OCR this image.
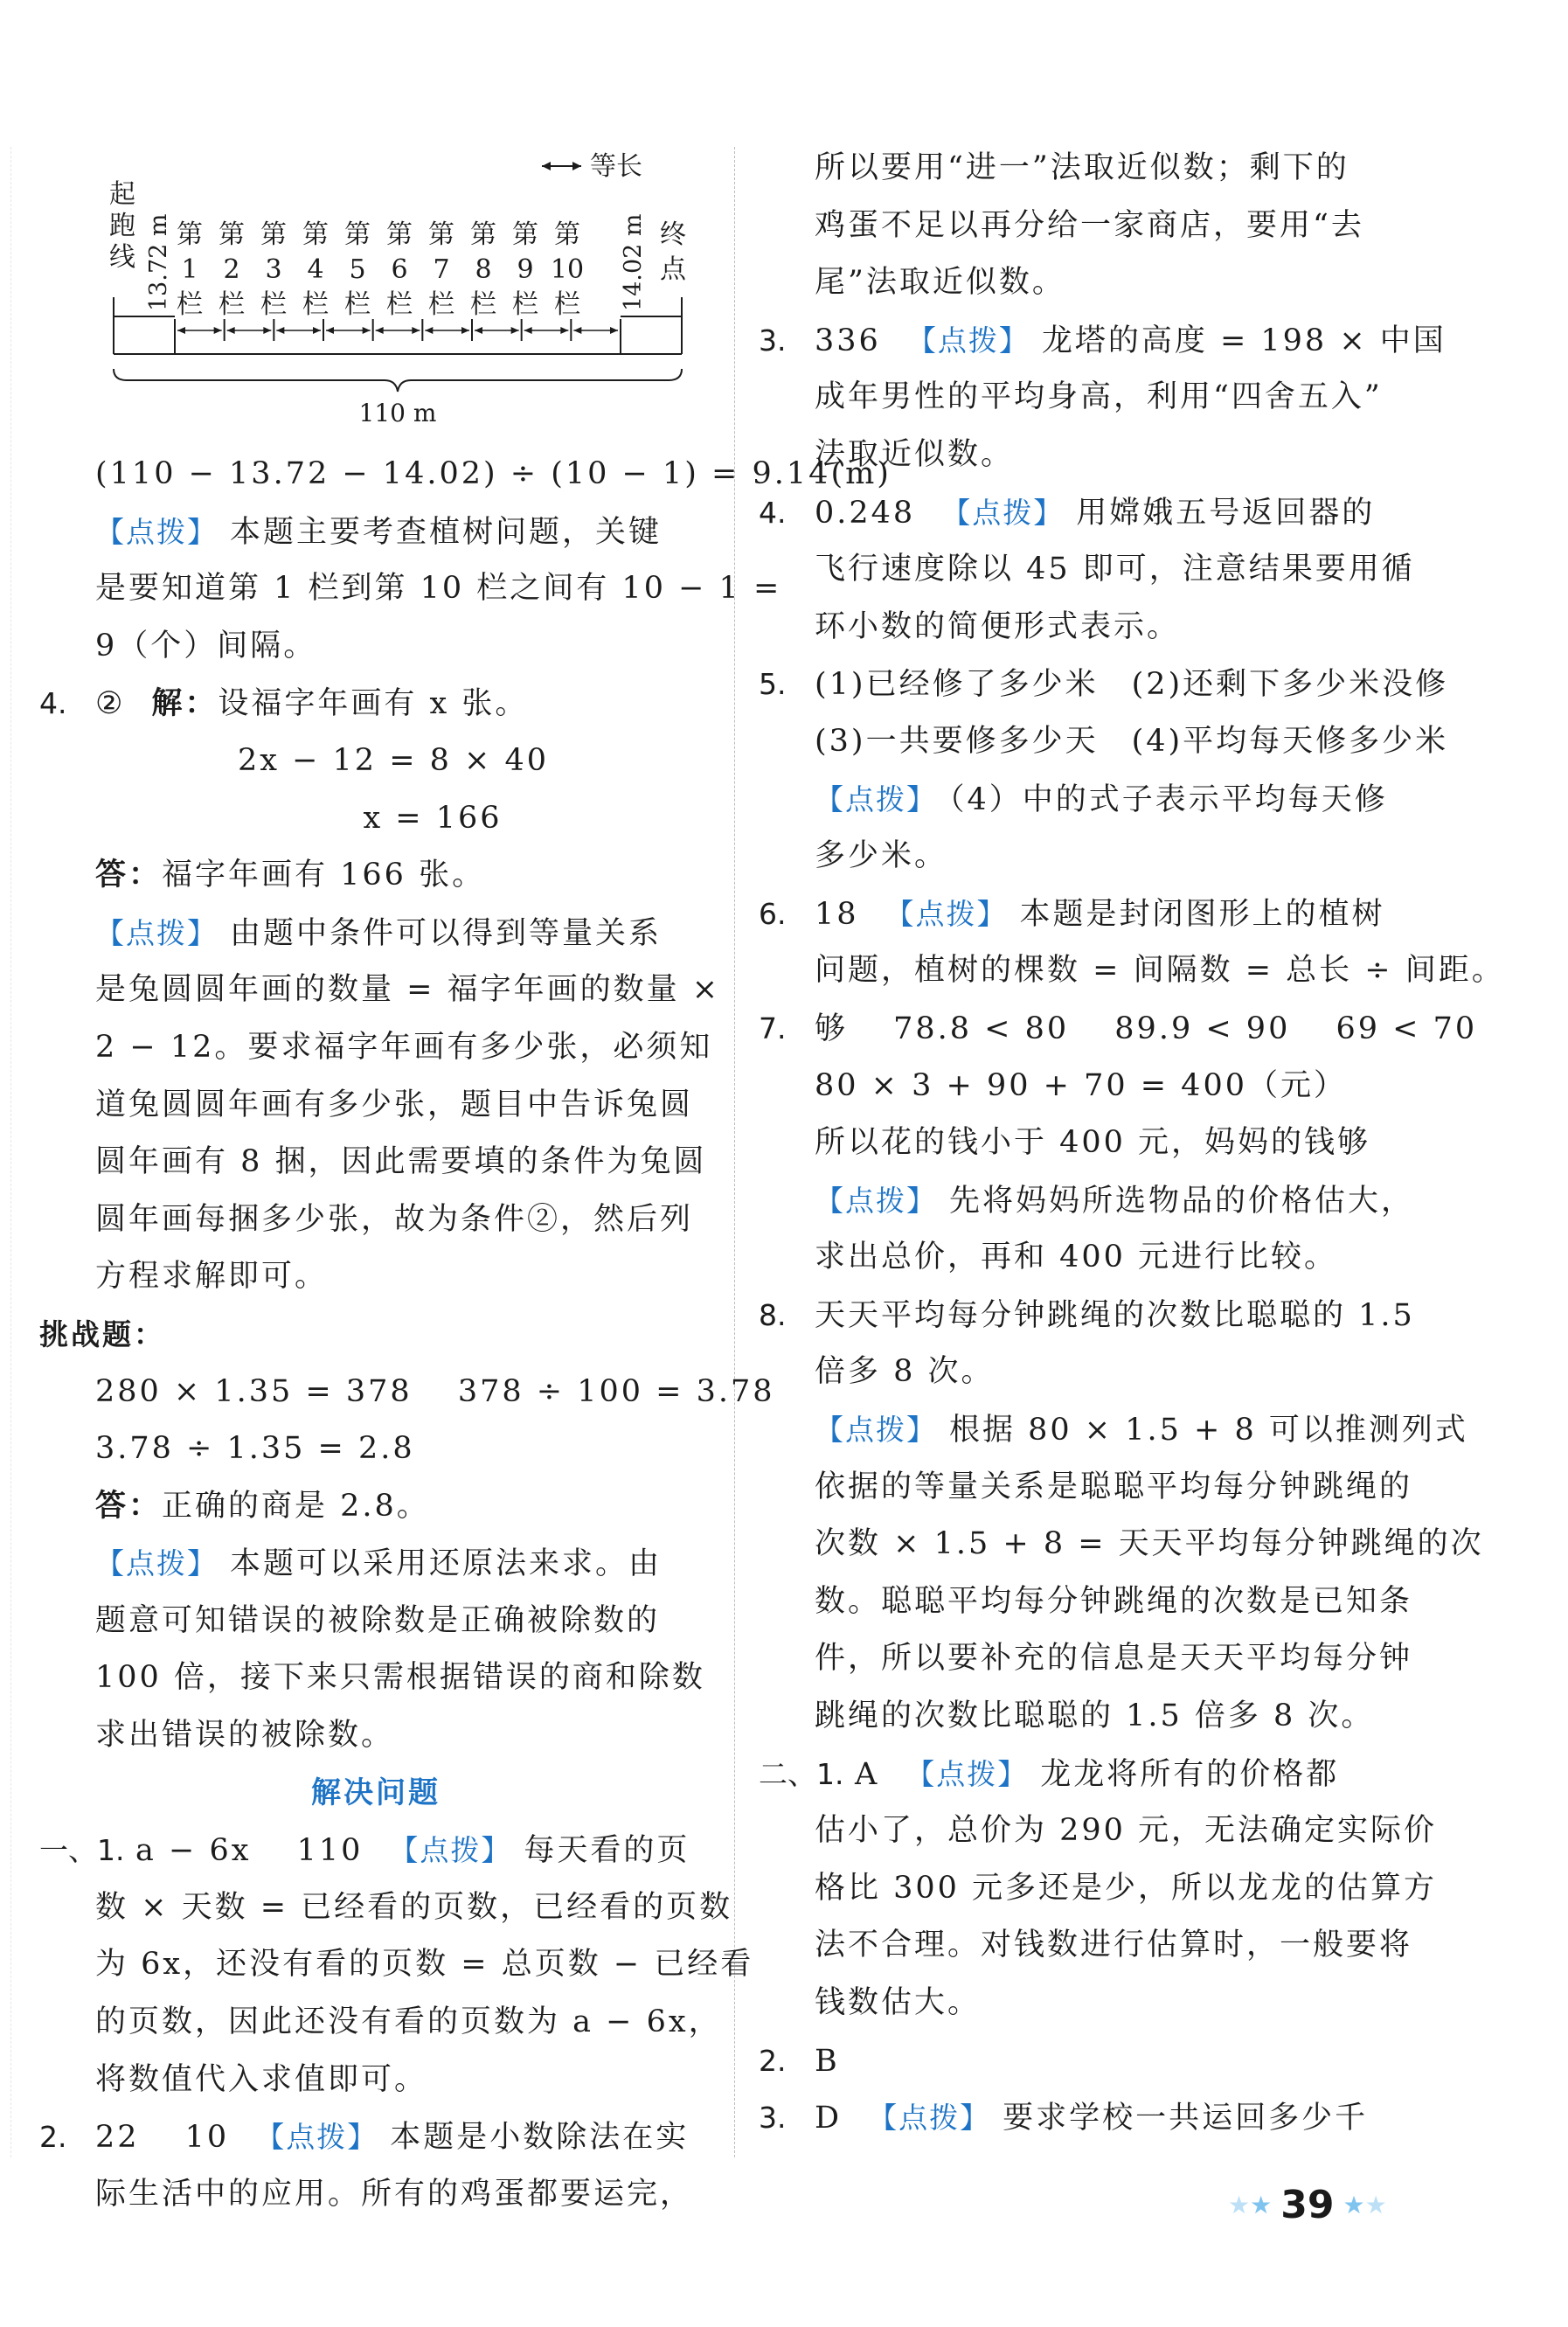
等长
起
跑
线 13.72 m 第
1
栏
第
2
栏
第
3
栏
第
4
栏
第
5
栏
第
6
栏
第
7
栏
第
8
栏
第
9
栏
第
10
栏 14.02 m 终
点
110 m
(110 − 13.72 − 14.02) ÷ (10 − 1) = 9.14(m)
【点拨】 本题主要考查植树问题，关键
是要知道第 1 栏到第 10 栏之间有 10 − 1 =
9（个）间隔。
4. ② 解：设福字年画有 x 张。
2x − 12 = 8 × 40
x = 166
答：福字年画有 166 张。
【点拨】 由题中条件可以得到等量关系
是兔圆圆年画的数量 = 福字年画的数量 ×
2 − 12。要求福字年画有多少张，必须知
道兔圆圆年画有多少张，题目中告诉兔圆
圆年画有 8 捆，因此需要填的条件为兔圆
圆年画每捆多少张，故为条件②，然后列
方程求解即可。
挑战题：
280 × 1.35 = 378　 378 ÷ 100 = 3.78
3.78 ÷ 1.35 = 2.8
答：正确的商是 2.8。
【点拨】 本题可以采用还原法来求。由
题意可知错误的被除数是正确被除数的
100 倍，接下来只需根据错误的商和除数
求出错误的被除数。
解决问题
一、1. a − 6x　 110 【点拨】 每天看的页
数 × 天数 = 已经看的页数，已经看的页数
为 6x，还没有看的页数 = 总页数 − 已经看
的页数，因此还没有看的页数为 a − 6x，
将数值代入求值即可。
2. 22　 10 【点拨】 本题是小数除法在实
际生活中的应用。所有的鸡蛋都要运完，
所以要用“进一”法取近似数；剩下的
鸡蛋不足以再分给一家商店，要用“去
尾”法取近似数。
3. 336 【点拨】 龙塔的高度 = 198 × 中国
成年男性的平均身高，利用“四舍五入”
法取近似数。
4. 0.248 【点拨】 用嫦娥五号返回器的
飞行速度除以 45 即可，注意结果要用循
环小数的简便形式表示。
5. (1)已经修了多少米　(2)还剩下多少米没修
(3)一共要修多少天　(4)平均每天修多少米
【点拨】 （4）中的式子表示平均每天修
多少米。
6. 18 【点拨】 本题是封闭图形上的植树
问题，植树的棵数 = 间隔数 = 总长 ÷ 间距。
7. 够　 78.8 < 80　 89.9 < 90　 69 < 70
80 × 3 + 90 + 70 = 400（元）
所以花的钱小于 400 元，妈妈的钱够
【点拨】 先将妈妈所选物品的价格估大，
求出总价，再和 400 元进行比较。
8. 天天平均每分钟跳绳的次数比聪聪的 1.5
倍多 8 次。
【点拨】 根据 80 × 1.5 + 8 可以推测列式
依据的等量关系是聪聪平均每分钟跳绳的
次数 × 1.5 + 8 = 天天平均每分钟跳绳的次
数。聪聪平均每分钟跳绳的次数是已知条
件，所以要补充的信息是天天平均每分钟
跳绳的次数比聪聪的 1.5 倍多 8 次。
二、1. A 【点拨】 龙龙将所有的价格都
估小了，总价为 290 元，无法确定实际价
格比 300 元多还是少，所以龙龙的估算方
法不合理。对钱数进行估算时，一般要将
钱数估大。
2. B
3. D 【点拨】 要求学校一共运回多少千
★ ★ 39 ★ ★
